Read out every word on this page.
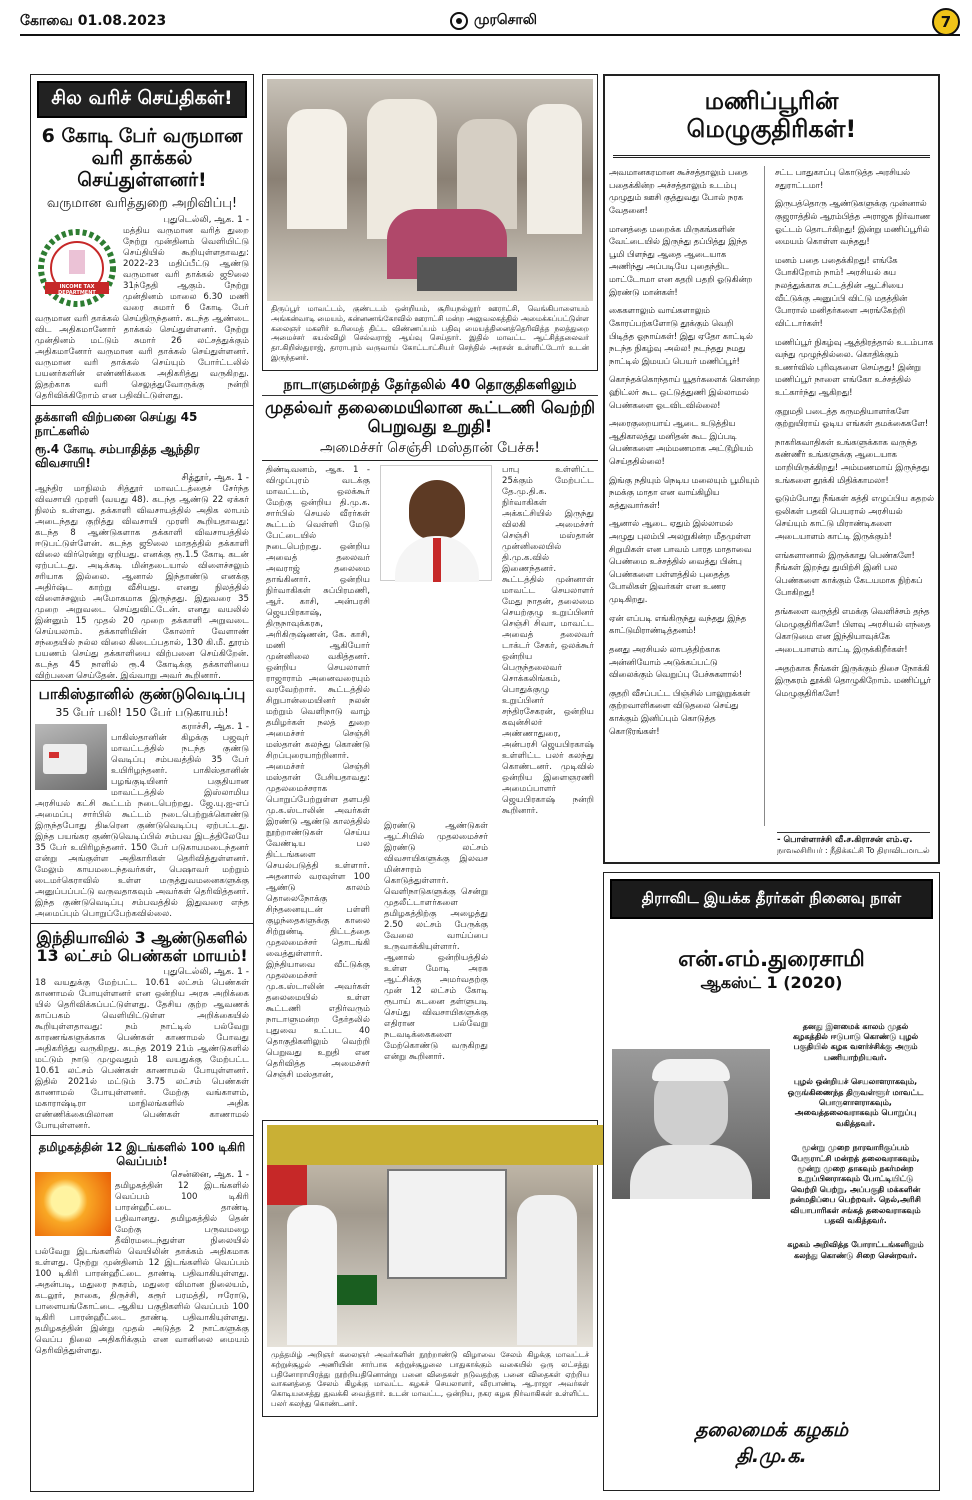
கோவை 01.08.2023	முரசொலி	7
சில வரிச் செய்திகள்!
6 கோடி பேர் வருமான வரி தாக்கல் செய்துள்ளனர்!
வருமான வரித்துறை அறிவிப்பு!
புதுடெல்லி, ஆக. 1 -
INCOME TAX DEPARTMENT
மத்திய வருமான வரித் துறை நேற்று முன்தினம் வெளியிட்டு செய்தியில் கூறியுள்ளதாவது: 2022-23 மதிப்பீட்டு ஆண்டு வருமான வரி தாக்கல் ஜூலை 31ந்தேதி ஆகும். நேற்று முன்தினம் மாலை 6.30 மணி வரை சுமார் 6 கோடி பேர் வருமான வரி தாக்கல் செய்திருந்தனர். கடந்த ஆண்டை விட அதிகமானோர் தாக்கல் செய்துள்ளனர். நேற்று முன்தினம் மட்டும் சுமார் 26 லட்சத்துக்கும் அதிகமானோர் வருமான வரி தாக்கல் செய்துள்ளனர். வருமான வரி தாக்கல் செய்யும் போர்ட்டலில் பயனர்களின் எண்ணிக்கை அதிகரித்து வருகிறது. இதற்காக வரி செலுத்துவோருக்கு நன்றி தெரிவிக்கிறோம் என பதிவிட்டுள்ளது.
தக்காளி விற்பனை செய்து 45 நாட்களில்
ரூ.4 கோடி சம்பாதித்த ஆந்திர விவசாயி!
சித்தூர், ஆக. 1 -
ஆந்திர மாநிலம் சித்தூர் மாவட்டத்தைச் சேர்ந்த விவசாயி முரளி (வயது 48). கடந்த ஆண்டு 22 ஏக்கர் நிலம் உள்ளது. தக்காளி விவசாயத்தில் அதிக லாபம் அடைந்தது குறித்து விவசாயி முரளி கூறியதாவது: கடந்த 8 ஆண்டுகளாக தக்காளி விவசாயத்தில் ஈடுபட்டுள்ளேன். கடந்த ஜூலை மாதத்தில் தக்காளி விலை விர்ரென்று ஏறியது. எனக்கு ரூ.1.5 கோடி கடன் ஏற்பட்டது. அடிக்கடி மின்தடையால் விளைச்சலும் சரியாக இல்லை. ஆனால் இந்தாண்டு எனக்கு அதிர்ஷ்ட காற்று வீசியது. எனது நிலத்தில் விளைச்சலும் அமோகமாக இருந்தது. இதுவரை 35 முறை அறுவடை செய்துவிட்டேன். எனது வயலில் இன்னும் 15 முதல் 20 முறை தக்காளி அறுவடை செய்யலாம். தக்காளியின் கோலார் வேளாண் சந்தையில் நல்ல விலை கிடைப்பதால், 130 கி.மீ. தூரம் பயணம் செய்து தக்காளியை விற்பனை செய்கிறேன். கடந்த 45 நாளில் ரூ.4 கோடிக்கு தக்காளியை விற்பனை செய்தேன். இவ்வாறு அவர் கூறினார்.
பாகிஸ்தானில் குண்டுவெடிப்பு
35 பேர் பலி! 150 பேர் படுகாயம்!
கராச்சி, ஆக. 1 -
பாகிஸ்தானின் கிழக்கு பஜவுர் மாவட்டத்தில் நடந்த குண்டு வெடிப்பு சம்பவத்தில் 35 பேர் உயிரிழந்தனர். பாகிஸ்தானின் பழங்குடியினர் பகுதியான மாவட்டத்தில் இஸ்லாமிய அரசியல் கட்சி கூட்டம் நடைபெற்றது. ஜே.யு.ஐ-எப் அமைப்பு சார்பில் கூட்டம் நடைபெற்றுக்கொண்டு இருந்தபோது திடீரென குண்டுவெடிப்பு ஏற்பட்டது. இந்த பயங்கர குண்டுவெடிப்பில் சம்பவ இடத்திலேயே 35 பேர் உயிரிழந்தனர். 150 பேர் படுகாயமடைந்தனர் என்று அங்குள்ள அதிகாரிகள் தெரிவித்துள்ளனர். மேலும் காயமடைந்தவர்கள், பெஷாவர் மற்றும் டைமர்கெராவில் உள்ள மருத்துவமனைகளுக்கு அனுப்பப்பட்டு வருவதாகவும் அவர்கள் தெரிவித்தனர். இந்த குண்டுவெடிப்பு சம்பவத்தில் இதுவரை எந்த அமைப்பும் பொறுப்பேற்கவில்லை.
இந்தியாவில் 3 ஆண்டுகளில் 13 லட்சம் பெண்கள் மாயம்!
புதுடெல்லி, ஆக. 1 -
18 வயதுக்கு மேற்பட்ட 10.61 லட்சம் பெண்கள் காணாமல் போயுள்ளனர் என ஒன்றிய அரசு அறிக்கை யில் தெரிவிக்கப்பட்டுள்ளது. தேசிய குற்ற ஆவணக் காப்பகம் வெளியிட்டுள்ள அறிக்கையில் கூறியுள்ளதாவது: நம் நாட்டில் பல்வேறு காரணங்களுக்காக பெண்கள் காணாமல் போவது அதிகரித்து வருகிறது. கடந்த 2019 21ம் ஆண்டுகளில் மட்டும் நாடு முழுவதும் 18 வயதுக்கு மேற்பட்ட 10.61 லட்சம் பெண்கள் காணாமல் போயுள்ளனர். இதில் 2021ல் மட்டும் 3.75 லட்சம் பெண்கள் காணாமல் போயுள்ளனர். மேற்கு வங்காளம், மகாராஷ்டிரா மாநிலங்களில் அதிக எண்ணிக்கையிலான பெண்கள் காணாமல் போயுள்ளனர்.
தமிழகத்தின் 12 இடங்களில் 100 டிகிரி வெப்பம்!
சென்னை, ஆக. 1 -
தமிழகத்தின் 12 இடங்களில் வெப்பம் 100 டிகிரி பாரன்ஹீட்டை தாண்டி பதிவானது. தமிழகத்தில் தென் மேற்கு பருவமழை தீவிரமடைந்துள்ள நிலையில் பல்வேறு இடங்களில் வெயிலின் தாக்கம் அதிகமாக உள்ளது. நேற்று முன்தினம் 12 இடங்களில் வெப்பம் 100 டிகிரி பாரன்ஹீட்டை தாண்டி பதிவாகியுள்ளது. அதன்படி, மதுரை நகரம், மதுரை விமான நிலையம், கடலூர், நாகை, திருச்சி, கரூர் பரமத்தி, ஈரோடு, பாளையங்கோட்டை ஆகிய பகுதிகளில் வெப்பம் 100 டிகிரி பாரன்ஹீட்டை தாண்டி பதிவாகியுள்ளது. தமிழகத்தின் இன்று முதல் அடுத்த 2 நாட்களுக்கு வெப்ப நிலை அதிகரிக்கும் என வானிலை மையம் தெரிவித்துள்ளது.
திருப்பூர் மாவட்டம், குண்டடம் ஒன்றியம், சூரியநல்லூர் ஊராட்சி, வெங்கிபாளையம் அங்கன்வாடி மையம், கன்னணங்கோவில் ஊராட்சி மன்ற அலுவலகத்தில் அமைக்கப்பட்டுள்ள கலைஞர் மகளிர் உரிமைத் திட்ட விண்ணப்பம் பதிவு மையத்தினைத்தெரிவித்த நலத்துறை அமைச்சர் கயல்விழி செல்வராஜ் ஆய்வு செய்தார். இதில் மாவட்ட ஆட்சித்தலைவர் தா.கிறிஸ்துராஜ், தாராபுரம் வருவாய் கோட்டாட்சியர் செந்தில் அரசன் உள்ளிட்டோர் உடன் இருந்தனர்.
நாடாளுமன்றத் தேர்தலில் 40 தொகுதிகளிலும்
முதல்வர் தலைமையிலான கூட்டணி வெற்றி பெறுவது உறுதி!
அமைச்சர் செஞ்சி மஸ்தான் பேச்சு!
திண்டிவனம், ஆக. 1 - விழுப்புரம் வடக்கு மாவட்டம், ஒலக்கூர் மேற்கு ஒன்றிய தி.மு.க. சார்பில் செயல் வீரர்கள் கூட்டம் வெள்ளி மேடு பேட்டையில் நடைபெற்றது. ஒன்றிய அவைத் தலைவர் அவராஜ் தலைமை தாங்கினார். ஒன்றிய நிர்வாகிகள் சுப்பிரமணி, ஆர். காசி, அன்பரசி ஜெயபிரகாஷ், திருநாவுக்கரசு, அரிகிருஷ்ணன், கே. காசி, மணி ஆகியோர் முன்னிலை வகித்தனர். ஒன்றிய செயலாளர் ராஜாராம் அனைவரையும் வரவேற்றார். கூட்டத்தில் சிறுபான்மையினர் நலன் மற்றும் வெளிநாடு வாழ் தமிழர்கள் நலத் துறை அமைச்சர் செஞ்சி மஸ்தான் கலந்து கொண்டு சிறப்புரையாற்றினார். அமைச்சர் செஞ்சி மஸ்தான் பேசியதாவது: முதலமைச்சராக பொறுப்பேற்றுள்ள தளபதி மு.க.ஸ்டாலின் அவர்கள் இரண்டு ஆண்டு காலத்தில் நூற்றாண்டுகள் செய்ய வேண்டிய பல திட்டங்களை செயல்படுத்தி உள்ளார். அதனால் வரவுள்ள 100 ஆண்டு காலம் தொலைநோக்கு சிந்தனையுடன் பள்ளி குழந்தைகளுக்கு காலை சிற்றுண்டி திட்டத்தை முதலமைச்சர் தொடங்கி வைத்துள்ளார். இந்தியாவை வீட்டுக்கு முதலமைச்சர் மு.க.ஸ்டாலின் அவர்கள் தலைமையில் உள்ள கூட்டணி எதிர்வரும் நாடாளுமன்ற தேர்தலில் புதுவை உட்பட 40 தொகுதிகளிலும் வெற்றி பெறுவது உறுதி என தெரிவித்த அமைச்சர் செஞ்சி மஸ்தான்,
பாபு உள்ளிட்ட 25க்கும் மேற்பட்ட தே.மு.தி.க. நிர்வாகிகள் அக்கட்சியில் இருந்து விலகி அமைச்சர் செஞ்சி மஸ்தான் முன்னிலையில் தி.மு.க.வில் இணைந்தனர். கூட்டத்தில் முன்னாள் மாவட்ட செயலாளர் மேது நாதன், தலைமை செயற்குழு உறுப்பினர் செஞ்சி சிவா, மாவட்ட அவைத் தலைவர் டாக்டர் சேகர், ஒலக்கூர் ஒன்றிய பெருந்தலைவர் சொக்கலிங்கம், பொதுக்குழு உறுப்பினர் சந்திரசேகரன், ஒன்றிய கவுன்சிலர் அண்ணாதுரை, அன்பரசி ஜெயபிரகாஷ் உள்ளிட்ட பலர் கலந்து கொண்டனர். முடிவில் ஒன்றிய இளைஞரணி அமைப்பாளர் ஜெயபிரகாஷ் நன்றி கூறினார்.
இரண்டு ஆண்டுகள் ஆட்சியில் முதலமைச்சர் இரண்டு லட்சம் விவசாயிகளுக்கு இலவச மின்சாரம் கொடுத்துள்ளார். வெளிநாடுகளுக்கு சென்று முதலீட்டாளர்களை தமிழகத்திற்கு அழைத்து 2.50 லட்சம் பேருக்கு வேலை வாய்ப்பை உருவாக்கியுள்ளார். ஆனால் ஒன்றியத்தில் உள்ள மோடி அரசு ஆட்சிக்கு அமர்வதற்கு முன் 12 லட்சம் கோடி ரூபாய் கடனை தள்ளுபடி செய்து விவசாயிகளுக்கு எதிரான பல்வேறு நடவடிக்கைகளை மேற்கொண்டு வருகிறது என்று கூறினார்.
முத்தமிழ் அறிஞர் கலைஞர் அவர்களின் நூற்றாண்டு விழாவை சேலம் கிழக்கு மாவட்டச் சுற்றுச்சூழல் அணியின் சார்பாக சுற்றுச்சூழலை பாதுகாக்கும் வகையில் ஒரு லட்சத்து பதினோராயிரத்து நூற்றியதினொன்று பனை விதைகள் நடுவதற்கு பனை விதைகள் ஏற்றிய வாகனத்தை சேலம் கிழக்கு மாவட்ட கழகச் செயலாளர், வீரபாண்டி ஆ.ராஜா அவர்கள் கொடியசைத்து துவக்கி வைத்தார். உடன் மாவட்ட, ஒன்றிய, நகர கழக நிர்வாகிகள் உள்ளிட்ட பலர் கலந்து கொண்டனர்.
மணிப்பூரின் மெழுகுதிரிகள்!

அவமானகரமான கூச்சத்தாலும் பதை பதைக்கின்ற அச்சத்தாலும் உடம்பு முழுதும் ஊசி குத்துவது போல் நரக வேதனை!

மானத்தை மறைக்க மிருகங்களின் வேட்டையில் இருந்து தப்பித்து இந்த பூமி பிளந்து ஆதை ஆடையாக அணிந்து அப்படியே புதைந்திட மாட்டோமா என கதறி பதறி ஓடுகின்ற இரண்டு மான்கள்!

கைகளாலும் வாய்களாலும் கோரப்பற்களோடு தூக்கும் வெறி பிடித்த ஓநாய்கள்! இது ஏதோ காட்டில் நடந்த நிகழ்வு அல்ல! நடந்தது நமது நாட்டில் இமயப் பெயர் மணிப்பூர்!

கொந்தக்கொந்தாய் யூதர்களைக் கொன்ற ஹிட்லர் கூட ஒட்டுத்துணி இல்லாமல் பெண்களை ஓடவிடவில்லை!

அரைகுறையாய் ஆடை உடுத்திய ஆதிகாலத்து மனிதன் கூட இப்படி பெண்களை அம்மணமாக அட்டூழியம் செய்ததில்லை!

இங்கு நதியும் நெடிய மலையும் பூமியும் நமக்கு மாதா என வாய்கிழிய கத்துவார்கள்!

ஆனால் ஆடை ஏதும் இல்லாமல் அழுது புலம்பி அலறுகின்ற மீதமுள்ள சிறுமிகள் என பாவம் பாரத மாதாவை பெண்மை உச்சத்தில் வைத்து பின்பு பெண்களை பள்ளத்தில் புதைத்த போலிகள் இவர்கள் என உணர முடிகிறது.

ஏன் எப்படி எங்கிருந்து வந்தது இந்த காட்டுமிராண்டித்தனம்!

தனது அரசியல் லாபத்திற்காக அன்னியோம் அடுக்கப்பட்டு விலைக்கும் வெறுப்பு பேச்சுகளால்!

குதறி வீசப்பட்ட பிஞ்சில் பாலுறுக்கள் குற்றவாளிகளை விடுதலை செய்து காக்கும் இனிப்பும் கொடுத்த கொடூரங்கள்!

சட்ட பாதுகாப்பு கொடுத்த அரசியல் சதுராட்டமா!

இருபத்தொரு ஆண்டுகளுக்கு முன்னால் குஜராத்தில் ஆரம்பித்த அராஜக நிர்வாண ஓட்டம் தொடர்கிறது! இன்று மணிப்பூரில் மையம் கொள்ள வந்தது!

மனம் பதை பதைக்கிறது! எங்கே போகிறோம் நாம்! அரசியல் சுய நலத்துக்காக சட்டத்தின் ஆட்சியை வீட்டுக்கு அனுப்பி விட்டு மதத்தின் போரால் மனிதர்களை அரங்கேற்றி விட்டார்கள்!

மணிப்பூர் நிகழ்வு ஆத்திரத்தால் உடம்பாக வந்து முழுந்தில்லை. கொதிக்கும் உணர்வில் புரிவுகளை செய்தது! இன்று மணிப்பூர் நாளை எங்கோ உச்சத்தில் உட்கார்ந்து ஆகிறது!

குறுமதி படைத்த கருமதியாளர்களே குற்றுயிராய் ஓடிய எங்கள் தமக்கைகளே!

நாகரிகவாதிகள் உங்களுக்காக வருந்த கண்ணீர் உங்களுக்கு ஆடையாக மாறியிருக்கிறது! அம்மணமாய் இருந்தது உங்களை தூக்கி மிதிக்காமலா!

ஓடும்போது நீங்கள் கத்தி எழுப்பிய கதறல் ஒலிகள் பதவி பெயரால் அரசியல் செய்யும் காட்டு மிராண்டிகளை அடையாளம் காட்டி இருக்கும்!

எங்களானால் இருக்காது பெண்களே! நீங்கள் இறந்து துயிற்சி இனி பல பெண்களை காக்கும் கேடயமாக நிற்கப் போகிறது!

தங்களை வருத்தி எமக்கு வெளிச்சம் தந்த மெழுகுதிரிகளே! பிளவு அரசியல் எந்தை கொடுமை என இந்தியாவுக்கே அடையாளம் காட்டி இருக்கிறீர்கள்!

அதற்காக நீங்கள் இருக்கும் திசை நோக்கி இருகரம் தூக்கி தொழுகிறோம். மணிப்பூர் மெழுகுதிரிகளே!

- பொள்ளாச்சி வீ.ச.கிராசன் எம்.ஏ.
நாவலசிரியர் : நீதிக்கட்சி To திராவிடமாடல்
திராவிட இயக்க தீரர்கள் நினைவு நாள்
என்.எம்.துரைசாமி
ஆகஸ்ட் 1 (2020)
தனது இளமைக் காலம் முதல் கழகத்தில் ஈடுபாடு கொண்டு புழல் பகுதியில் கழக வளர்ச்சிக்கு அரும் பணியாற்றியவர்.
புழல் ஒன்றியச் செயலாளராகவும், ஒருங்கிணைந்த திருவள்ளூர் மாவட்ட பொருளாளராகவும், அவைத்தலைவராகவும் பொறுப்பு வகித்தவர்.
மூன்று முறை நாரவாரிகுப்பம் பேரூராட்சி மன்றத் தலைவராகவும், மூன்று முறை தாகவும் நகர்மன்ற உறுப்பினராகவும் போட்டியிட்டு வெற்றி பெற்று, அப்பகுதி மக்களின் நன்மதிப்பை பெற்றவர். நெல்,அரிசி வியாபாரிகள் சங்கத் தலைவராகவும் பதவி வகித்தவர்.
கழகம் அறிவித்த போராட்டங்களிலும் கலந்து கொண்டு சிறை சென்றவர்.
தலைமைக் கழகம்
தி.மு.க.
